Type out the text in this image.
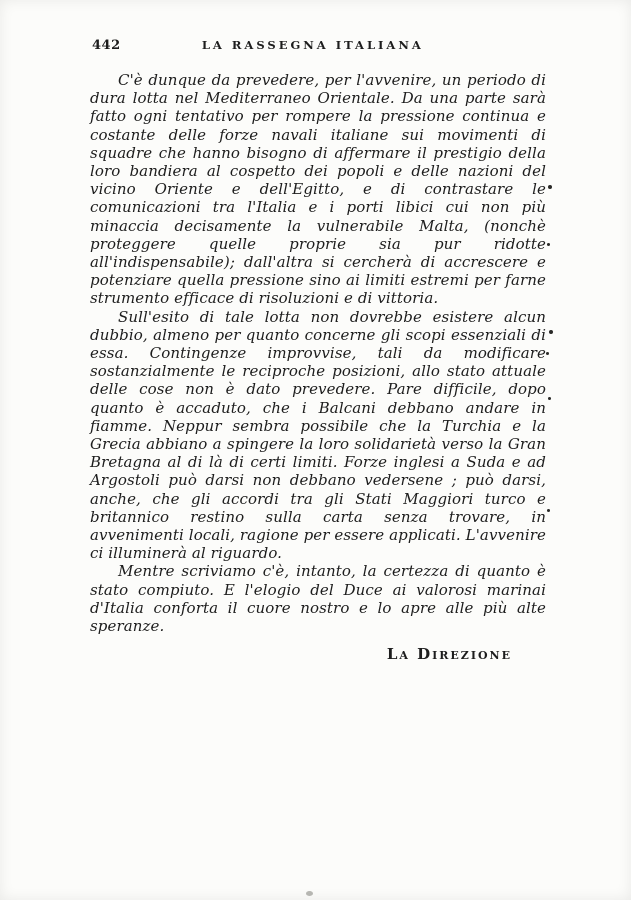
442	LA RASSEGNA ITALIANA

C'è dunque da prevedere, per l'avvenire, un periodo di dura lotta nel Mediterraneo Orientale. Da una parte sarà fatto ogni tentativo per rompere la pressione continua e costante delle forze navali italiane sui movimenti di squadre che hanno bisogno di affermare il prestigio della loro bandiera al cospetto dei popoli e delle nazioni del vicino Oriente e dell'Egitto, e di contrastare le comunicazioni tra l'Italia e i porti libici cui non più minaccia decisamente la vulnerabile Malta, (nonchè proteggere quelle proprie sia pur ridotte all'indispensabile); dall'altra si cercherà di accrescere e potenziare quella pressione sino ai limiti estremi per farne strumento efficace di risoluzioni e di vittoria.

Sull'esito di tale lotta non dovrebbe esistere alcun dubbio, almeno per quanto concerne gli scopi essenziali di essa. Contingenze improvvise, tali da modificare sostanzialmente le reciproche posizioni, allo stato attuale delle cose non è dato prevedere. Pare difficile, dopo quanto è accaduto, che i Balcani debbano andare in fiamme. Neppur sembra possibile che la Turchia e la Grecia abbiano a spingere la loro solidarietà verso la Gran Bretagna al di là di certi limiti. Forze inglesi a Suda e ad Argostoli può darsi non debbano vedersene ; può darsi, anche, che gli accordi tra gli Stati Maggiori turco e britannico restino sulla carta senza trovare, in avvenimenti locali, ragione per essere applicati. L'avvenire ci illuminerà al riguardo.

Mentre scriviamo c'è, intanto, la certezza di quanto è stato compiuto. E l'elogio del Duce ai valorosi marinai d'Italia conforta il cuore nostro e lo apre alle più alte speranze.

La Direzione
